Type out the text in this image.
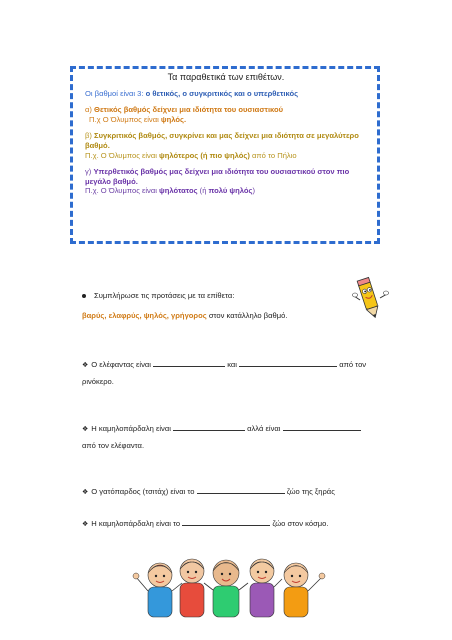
Τα παραθετικά των επιθέτων.
Οι βαθμοί είναι 3: ο θετικός, ο συγκριτικός και ο υπερθετικός
α) Θετικός βαθμός δείχνει μια ιδιότητα του ουσιαστικού
Π.χ Ο Όλυμπος είναι ψηλός.
β) Συγκριτικός βαθμός, συγκρίνει και μας δείχνει μια ιδιότητα σε μεγαλύτερο βαθμό.
Π.χ. Ο Όλυμπος είναι ψηλότερος (ή πιο ψηλός) από το Πήλιο
γ) Υπερθετικός βαθμός μας δείχνει μια ιδιότητα του ουσιαστικού στον πιο μεγάλο βαθμό.
Π.χ. Ο Όλυμπος είναι ψηλότατος (ή πολύ ψηλός)
Συμπλήρωσε τις προτάσεις με τα επίθετα:
βαρύς, ελαφρύς, ψηλός, γρήγορος στον κατάλληλο βαθμό.
❖ Ο ελέφαντας είναι	και	από τον
ρινόκερο.
❖ Η καμηλοπάρδαλη είναι	αλλά είναι
από τον ελέφαντα.
❖ Ο γατόπαρδος (τσιτάχ) είναι το	ζώο της ξηράς
❖ Η καμηλοπάρδαλη είναι το	ζώο στον κόσμο.
